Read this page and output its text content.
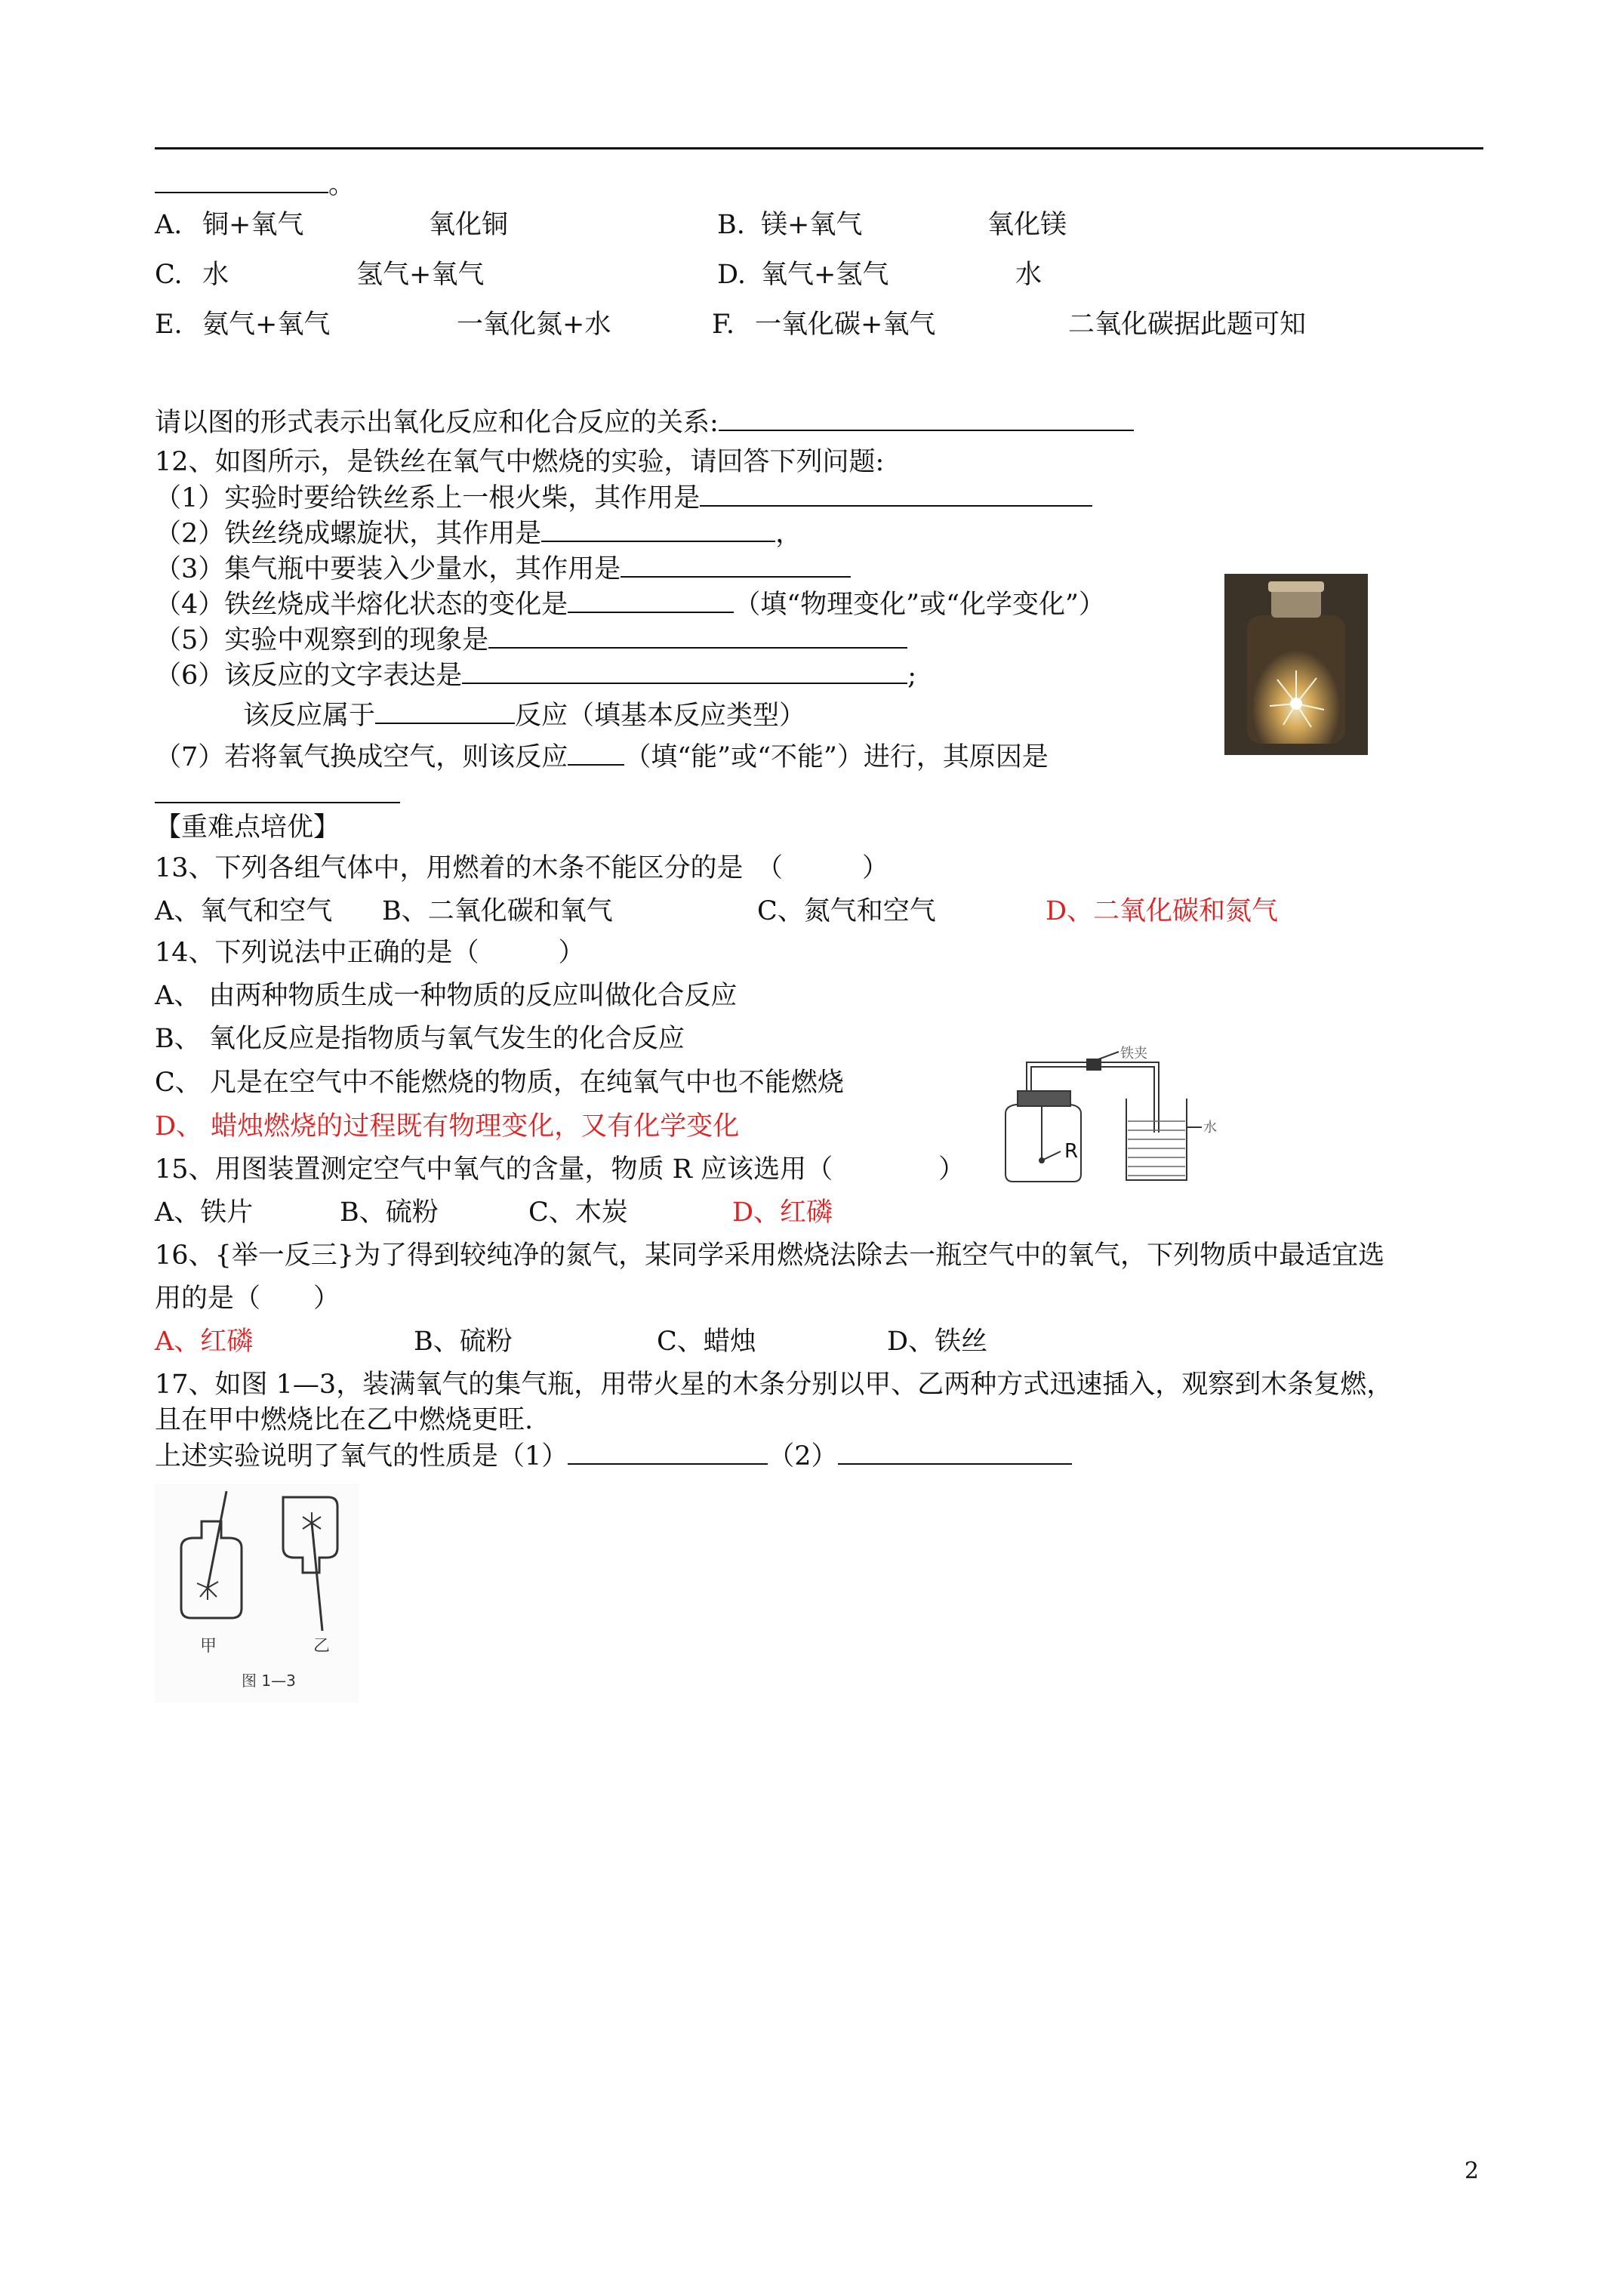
。
A. 铜+氧气	氧化铜	B. 镁+氧气	氧化镁
C. 水	氢气+氧气	D. 氧气+氢气	水
E. 氨气+氧气	一氧化氮+水	F. 一氧化碳+氧气	二氧化碳据此题可知
请以图的形式表示出氧化反应和化合反应的关系:
12、如图所示，是铁丝在氧气中燃烧的实验，请回答下列问题:
（1）实验时要给铁丝系上一根火柴，其作用是
（2）铁丝绕成螺旋状，其作用是	，
（3）集气瓶中要装入少量水，其作用是
（4）铁丝烧成半熔化状态的变化是	（填“物理变化”或“化学变化”）
（5）实验中观察到的现象是
（6）该反应的文字表达是	;
该反应属于	反应（填基本反应类型）
（7）若将氧气换成空气，则该反应 （填“能”或“不能”）进行，其原因是
【重难点培优】
13、下列各组气体中，用燃着的木条不能区分的是　（　　　）
A、氧气和空气 B、二氧化碳和氧气	C、氮气和空气	D、二氧化碳和氮气
14、下列说法中正确的是（　　　）
A、 由两种物质生成一种物质的反应叫做化合反应
B、 氧化反应是指物质与氧气发生的化合反应
C、 凡是在空气中不能燃烧的物质，在纯氧气中也不能燃烧
D、 蜡烛燃烧的过程既有物理变化，又有化学变化
铁夹
R
水
15、用图装置测定空气中氧气的含量，物质 R 应该选用（　　　　）
A、铁片	B、硫粉	C、木炭	D、红磷
16、{举一反三}为了得到较纯净的氮气，某同学采用燃烧法除去一瓶空气中的氧气，下列物质中最适宜选
用的是（　　）
A、红磷	B、硫粉	C、蜡烛	D、铁丝
17、如图 1—3，装满氧气的集气瓶，用带火星的木条分别以甲、乙两种方式迅速插入，观察到木条复燃，
且在甲中燃烧比在乙中燃烧更旺.
上述实验说明了氧气的性质是（1）	（2）
甲	乙
图 1—3
2
